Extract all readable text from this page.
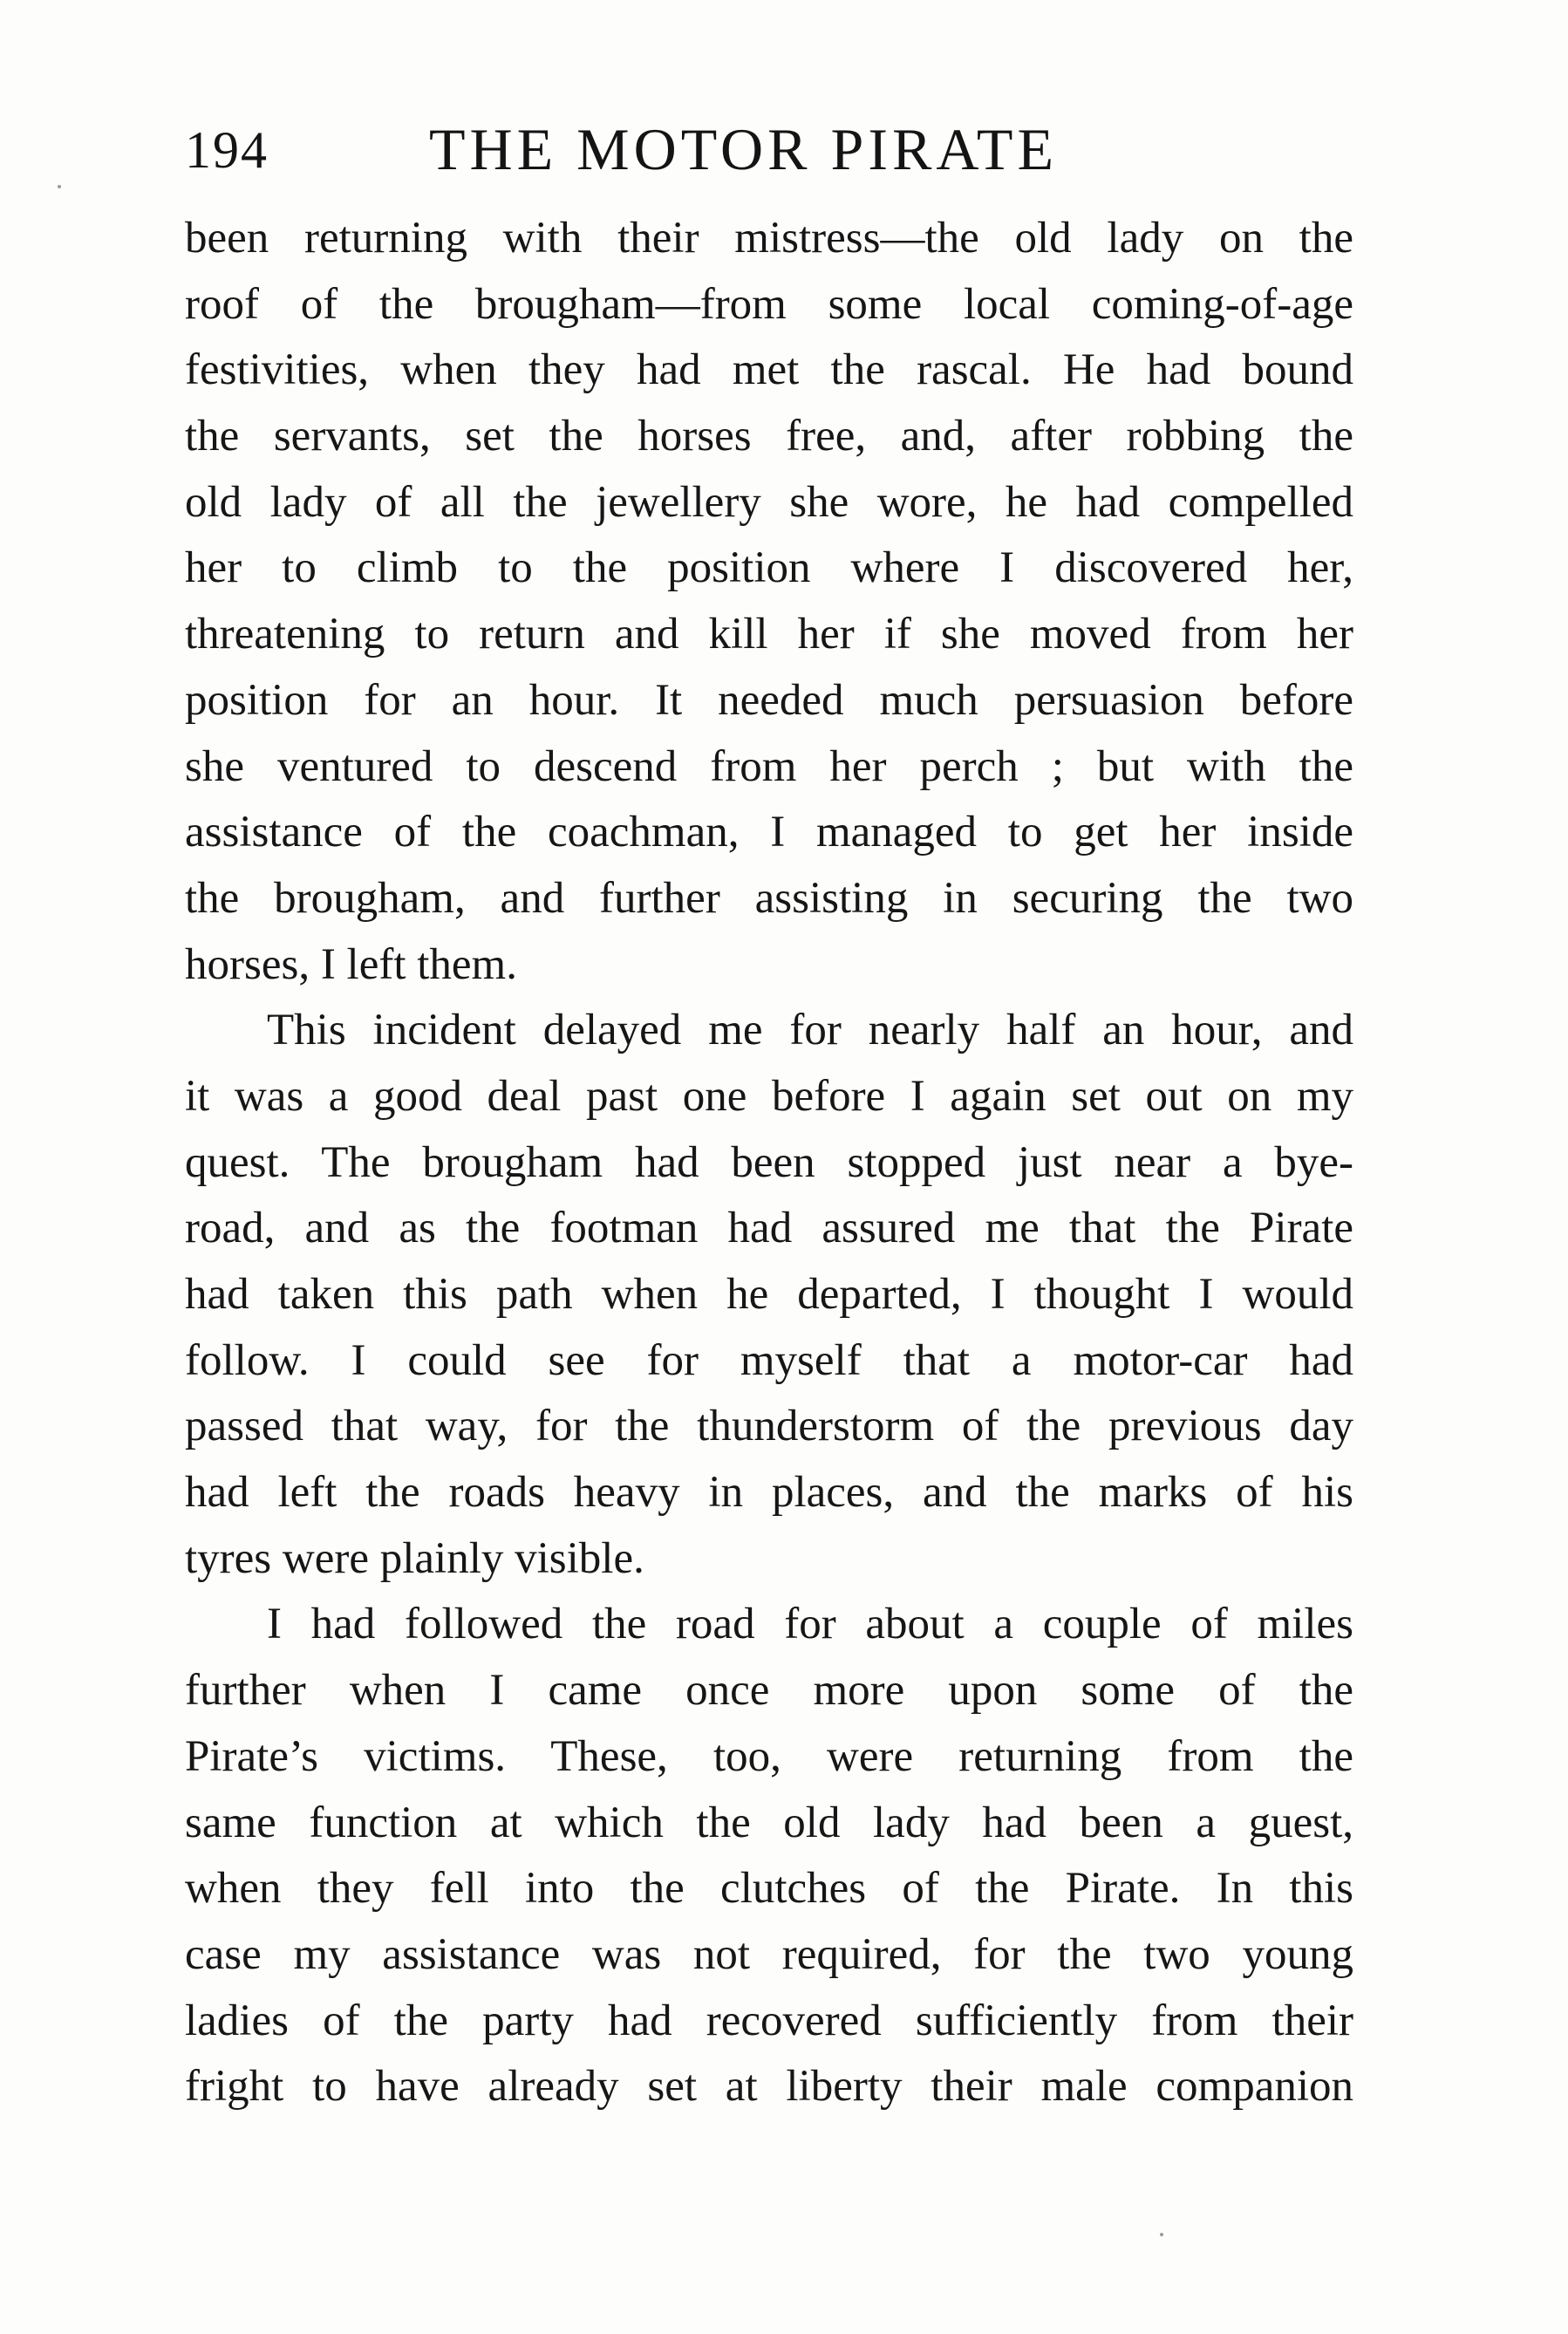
194	THE MOTOR PIRATE

been returning with their mistress—the old lady on the
roof of the brougham—from some local coming-of-age
festivities, when they had met the rascal. He had bound
the servants, set the horses free, and, after robbing the
old lady of all the jewellery she wore, he had compelled
her to climb to the position where I discovered her,
threatening to return and kill her if she moved from her
position for an hour. It needed much persuasion before
she ventured to descend from her perch ; but with the
assistance of the coachman, I managed to get her inside
the brougham, and further assisting in securing the two
horses, I left them.

This incident delayed me for nearly half an hour, and
it was a good deal past one before I again set out on my
quest. The brougham had been stopped just near a bye-
road, and as the footman had assured me that the Pirate
had taken this path when he departed, I thought I would
follow. I could see for myself that a motor-car had
passed that way, for the thunderstorm of the previous day
had left the roads heavy in places, and the marks of his
tyres were plainly visible.

I had followed the road for about a couple of miles
further when I came once more upon some of the
Pirate’s victims. These, too, were returning from the
same function at which the old lady had been a guest,
when they fell into the clutches of the Pirate. In this
case my assistance was not required, for the two young
ladies of the party had recovered sufficiently from their
fright to have already set at liberty their male companion
